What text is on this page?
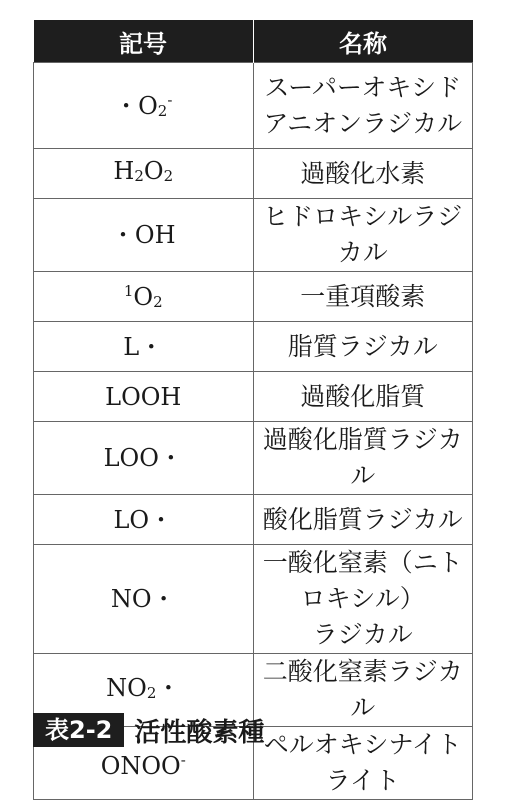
記号	名称
・O2-	スーパーオキシド
アニオンラジカル
H2O2	過酸化水素
・OH	ヒドロキシルラジカル
$^1$O2	一重項酸素
L・	脂質ラジカル
LOOH	過酸化脂質
LOO・	過酸化脂質ラジカル
LO・	酸化脂質ラジカル
NO・	一酸化窒素（ニトロキシル）
ラジカル
NO2・	二酸化窒素ラジカル
ONOO-	ペルオキシナイトライト
表2-2 活性酸素種
